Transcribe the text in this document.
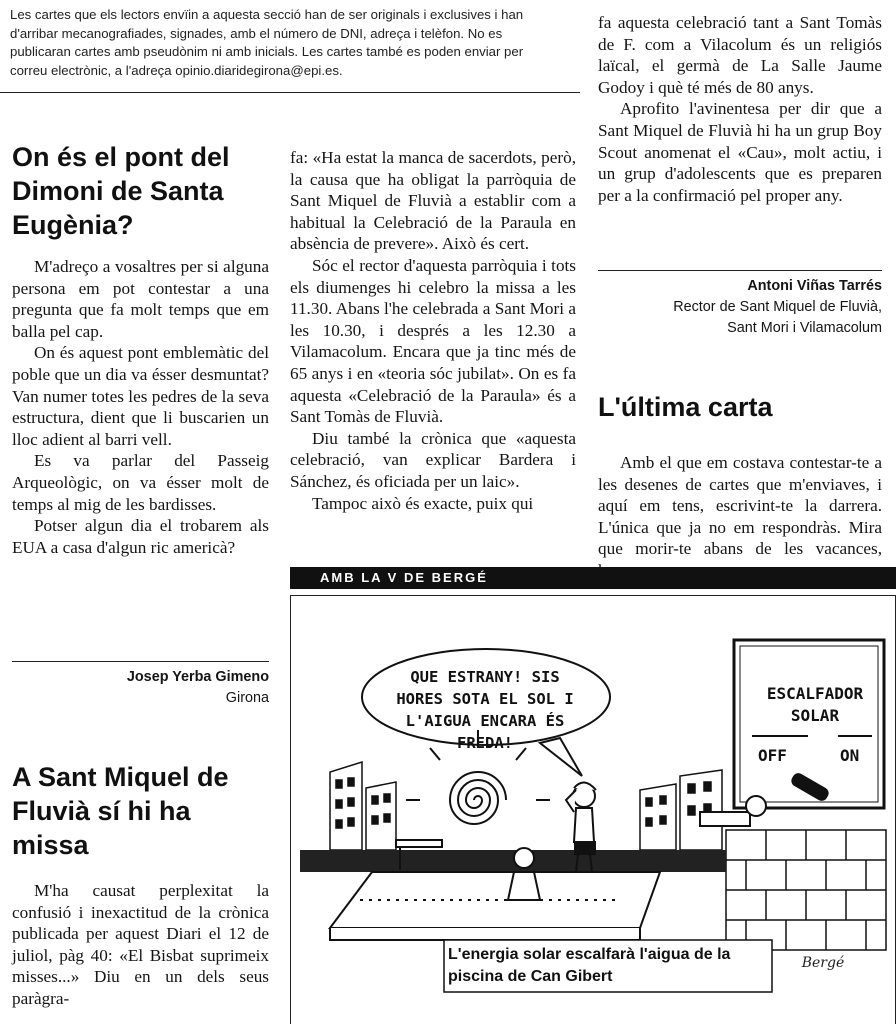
Les cartes que els lectors envïin a aquesta secció han de ser originals i exclusives i han d'arribar mecanografiades, signades, amb el número de DNI, adreça i telèfon. No es publicaran cartes amb pseudònim ni amb inicials. Les cartes també es poden enviar per correu electrònic, a l'adreça opinio.diaridegirona@epi.es.

On és el pont del Dimoni de Santa Eugènia?

M'adreço a vosaltres per si alguna persona em pot contestar a una pregunta que fa molt temps que em balla pel cap.

On és aquest pont emblemàtic del poble que un dia va ésser desmuntat? Van numer totes les pedres de la seva estructura, dient que li buscarien un lloc adient al barri vell.

Es va parlar del Passeig Arqueològic, on va ésser molt de temps al mig de les bardisses.

Potser algun dia el trobarem als EUA a casa d'algun ric americà?

Josep Yerba Gimeno
Girona
A Sant Miquel de Fluvià sí hi ha missa

M'ha causat perplexitat la confusió i inexactitud de la crònica publicada per aquest Diari el 12 de juliol, pàg 40: «El Bisbat suprimeix misses...» Diu en un dels seus paràgra-

fa: «Ha estat la manca de sacerdots, però, la causa que ha obligat la parròquia de Sant Miquel de Fluvià a establir com a habitual la Celebració de la Paraula en absència de prevere». Això és cert.

Sóc el rector d'aquesta parròquia i tots els diumenges hi celebro la missa a les 11.30. Abans l'he celebrada a Sant Mori a les 10.30, i després a les 12.30 a Vilamacolum. Encara que ja tinc més de 65 anys i en «teoria sóc jubilat». On es fa aquesta «Celebració de la Paraula» és a Sant Tomàs de Fluvià.

Diu també la crònica que «aquesta celebració, van explicar Bardera i Sánchez, és oficiada per un laic».

Tampoc això és exacte, puix qui

fa aquesta celebració tant a Sant Tomàs de F. com a Vilacolum és un religiós laïcal, el germà de La Salle Jaume Godoy i què té més de 80 anys.

Aprofito l'avinentesa per dir que a Sant Miquel de Fluvià hi ha un grup Boy Scout anomenat el «Cau», molt actiu, i un grup d'adolescents que es preparen per a la confirmació pel proper any.

Antoni Viñas Tarrés
Rector de Sant Miquel de Fluvià,
Sant Mori i Vilamacolum
L'última carta

Amb el que em costava contestar-te a les desenes de cartes que m'enviaves, i aquí em tens, escrivint-te la darrera. L'única que ja no em respondràs. Mira que morir-te abans de les vacances,

AMB LA V DE BERGÉ
QUE ESTRANY! SIS HORES SOTA EL SOL I L'AIGUA ENCARA ÉS FREDA!
ESCALFADOR
SOLAR
OFF	ON
L'energia solar escalfarà l'aigua de la piscina de Can Gibert
Bergé
